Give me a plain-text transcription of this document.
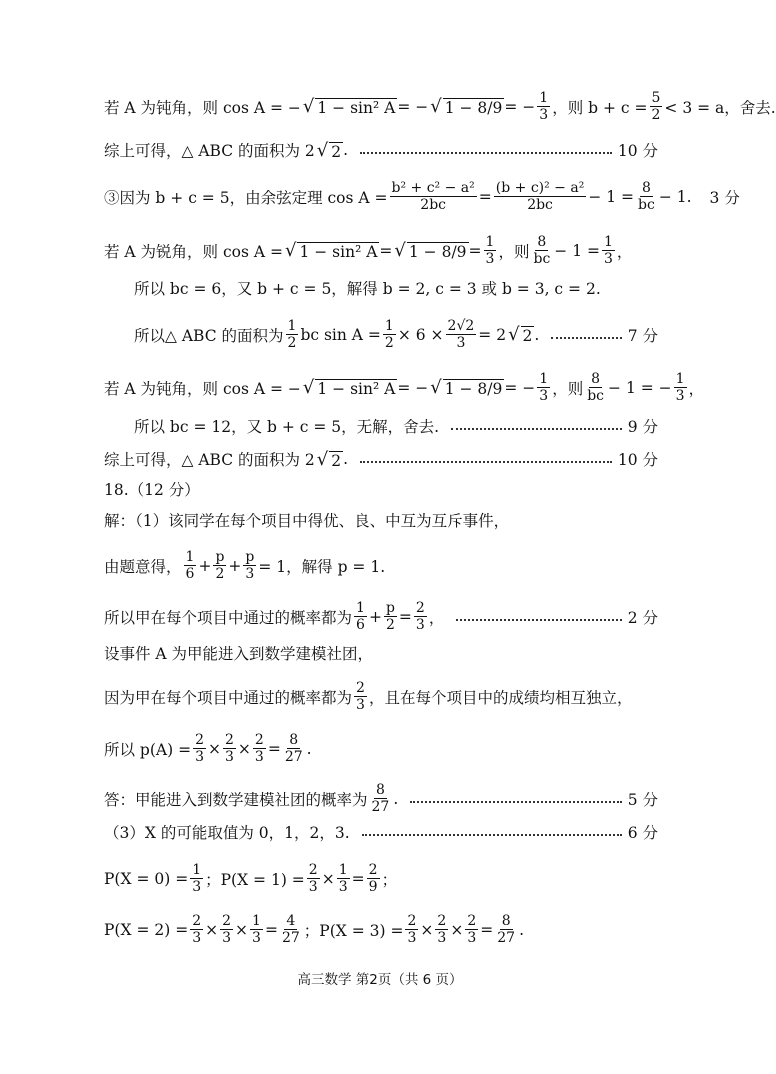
若 A 为钝角，则 cos A = − √ 1 − sin² A = − √ 1 − 8/9 = − $\frac{1}{3}$ ，则 $b + c = \frac{5}{2} < 3 = a$，舍去.
综上可得，△ ABC 的面积为 2 √ 2 .	10 分
③因为 b + c = 5，由余弦定理 $\cos A = \frac{\text{b² + c² − a²}}{2bc} = \frac{\text{(b + c)² − a²}}{2bc} - 1 = \frac{8}{bc} - 1$. 3 分
若 A 为锐角，则 cos A = √ 1 − sin² A = √ $1 - 8/9 = \frac{1}{3}$ ，则 $\frac{8}{bc} - 1 = \frac{1}{3}$ ，
所以 bc = 6，又 b + c = 5，解得 b = 2, c = 3 或 b = 3, c = 2.
所以△ ABC 的面积为 $\frac{1}{2}$ bc $\sin A = \frac{1}{2} \times 6 \times \frac{2√2}{3} = 2$ √ 2 .	7 分
若 A 为钝角，则 cos A = − √ 1 − sin² A = − √ 1 − 8/9 = − $\frac{1}{3}$ ，则 $\frac{8}{bc} - 1$ = − $\frac{1}{3}$ ，
所以 bc = 12，又 b + c = 5，无解，舍去.	9 分
综上可得，△ ABC 的面积为 2 √ 2 .	10 分
18.（12 分）
解：（1）该同学在每个项目中得优、良、中互为互斥事件，
由题意得， $\frac{1}{6} + \frac{p}{2} + \frac{p}{3} = 1$，解得 p = 1.
所以甲在每个项目中通过的概率都为 $\frac{1}{6} + \frac{p}{2} = \frac{2}{3}$ ，	2 分
设事件 A 为甲能进入到数学建模社团，
因为甲在每个项目中通过的概率都为 $\frac{2}{3}$ ，且在每个项目中的成绩均相互独立，
所以 $p(A) = \frac{2}{3} \times \frac{2}{3} \times \frac{2}{3} = \frac{8}{27}$ .
答：甲能进入到数学建模社团的概率为 $\frac{8}{27}$ .	5 分
（3）X 的可能取值为 0，1，2，3.	6 分
$P(X = 0) = \frac{1}{3}$ ；$P(X = 1) = \frac{2}{3} \times \frac{1}{3} = \frac{2}{9}$ ；
$P(X = 2) = \frac{2}{3} \times \frac{2}{3} \times \frac{1}{3} = \frac{4}{27}$ ；$P(X = 3) = \frac{2}{3} \times \frac{2}{3} \times \frac{2}{3} = \frac{8}{27}$ .
高三数学 第2页（共 6 页）
